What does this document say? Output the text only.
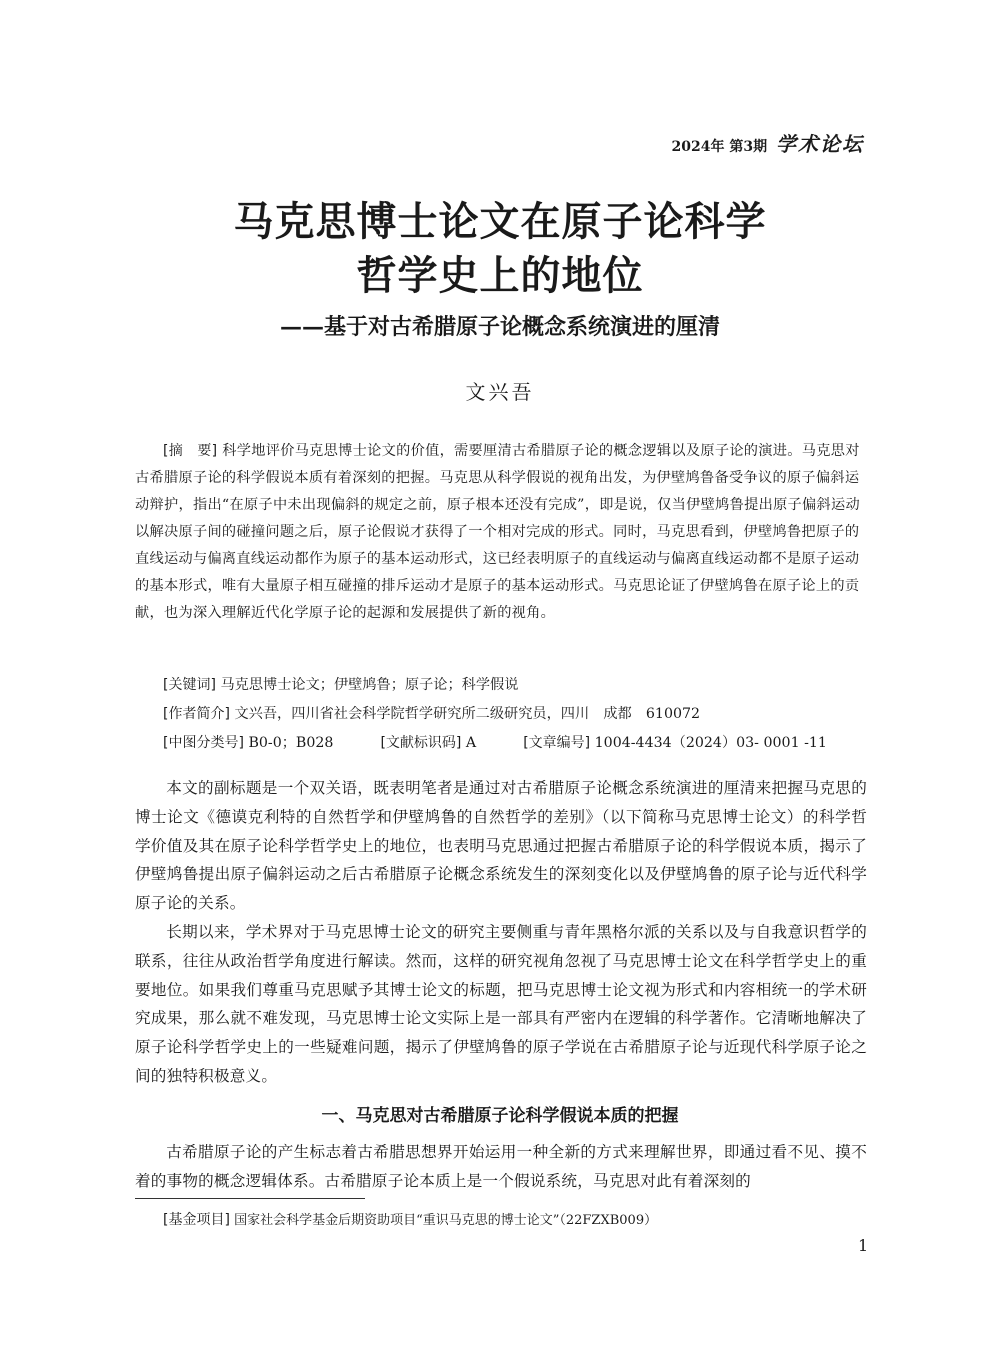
2024年 第3期 学术论坛
马克思博士论文在原子论科学
哲学史上的地位
——基于对古希腊原子论概念系统演进的厘清
文兴吾
[摘　要] 科学地评价马克思博士论文的价值，需要厘清古希腊原子论的概念逻辑以及原子论的演进。马克思对古希腊原子论的科学假说本质有着深刻的把握。马克思从科学假说的视角出发，为伊壁鸠鲁备受争议的原子偏斜运动辩护，指出“在原子中未出现偏斜的规定之前，原子根本还没有完成”，即是说，仅当伊壁鸠鲁提出原子偏斜运动以解决原子间的碰撞问题之后，原子论假说才获得了一个相对完成的形式。同时，马克思看到，伊壁鸠鲁把原子的直线运动与偏离直线运动都作为原子的基本运动形式，这已经表明原子的直线运动与偏离直线运动都不是原子运动的基本形式，唯有大量原子相互碰撞的排斥运动才是原子的基本运动形式。马克思论证了伊壁鸠鲁在原子论上的贡献，也为深入理解近代化学原子论的起源和发展提供了新的视角。
[关键词] 马克思博士论文；伊壁鸠鲁；原子论；科学假说
[作者简介] 文兴吾，四川省社会科学院哲学研究所二级研究员，四川　成都　610072
[中图分类号] B0-0；B028	[文献标识码] A	[文章编号] 1004-4434（2024）03- 0001 -11

本文的副标题是一个双关语，既表明笔者是通过对古希腊原子论概念系统演进的厘清来把握马克思的博士论文《德谟克利特的自然哲学和伊壁鸠鲁的自然哲学的差别》（以下简称马克思博士论文）的科学哲学价值及其在原子论科学哲学史上的地位，也表明马克思通过把握古希腊原子论的科学假说本质，揭示了伊壁鸠鲁提出原子偏斜运动之后古希腊原子论概念系统发生的深刻变化以及伊壁鸠鲁的原子论与近代科学原子论的关系。

长期以来，学术界对于马克思博士论文的研究主要侧重与青年黑格尔派的关系以及与自我意识哲学的联系，往往从政治哲学角度进行解读。然而，这样的研究视角忽视了马克思博士论文在科学哲学史上的重要地位。如果我们尊重马克思赋予其博士论文的标题，把马克思博士论文视为形式和内容相统一的学术研究成果，那么就不难发现，马克思博士论文实际上是一部具有严密内在逻辑的科学著作。它清晰地解决了原子论科学哲学史上的一些疑难问题，揭示了伊壁鸠鲁的原子学说在古希腊原子论与近现代科学原子论之间的独特积极意义。

一、马克思对古希腊原子论科学假说本质的把握

古希腊原子论的产生标志着古希腊思想界开始运用一种全新的方式来理解世界，即通过看不见、摸不着的事物的概念逻辑体系。古希腊原子论本质上是一个假说系统，马克思对此有着深刻的

[基金项目] 国家社会科学基金后期资助项目“重识马克思的博士论文”（22FZXB009）
1
